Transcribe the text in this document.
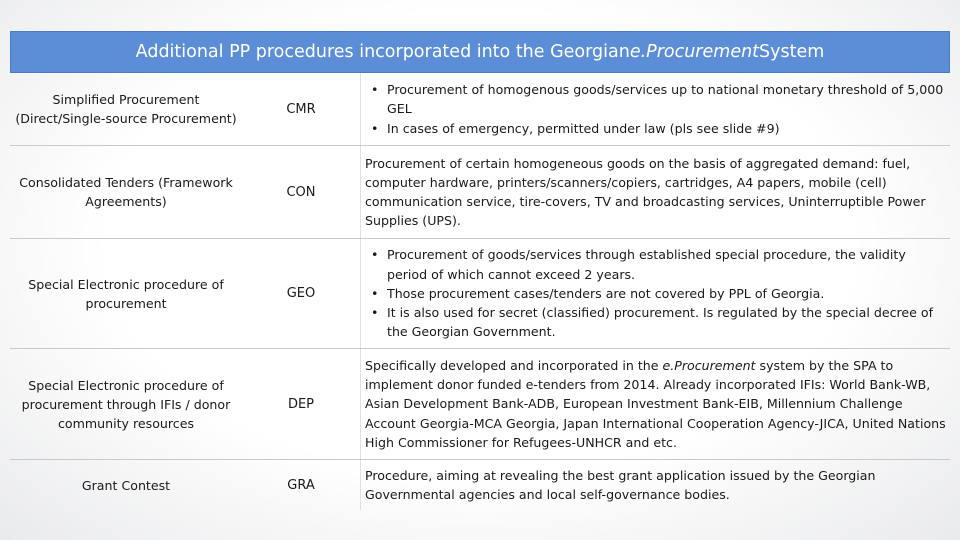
Additional PP procedures incorporated into the Georgian e.Procurement System
Simplified Procurement (Direct/Single-source Procurement)
CMR
• Procurement of homogenous goods/services up to national monetary threshold of 5,000 GEL
• In cases of emergency, permitted under law (pls see slide #9)
Consolidated Tenders (Framework Agreements)
CON
Procurement of certain homogeneous goods on the basis of aggregated demand: fuel, computer hardware, printers/scanners/copiers, cartridges, A4 papers, mobile (cell) communication service, tire-covers, TV and broadcasting services, Uninterruptible Power Supplies (UPS).
Special Electronic procedure of procurement
GEO
• Procurement of goods/services through established special procedure, the validity period of which cannot exceed 2 years.
• Those procurement cases/tenders are not covered by PPL of Georgia.
• It is also used for secret (classified) procurement. Is regulated by the special decree of the Georgian Government.
Special Electronic procedure of procurement through IFIs / donor community resources
DEP
Specifically developed and incorporated in the e.Procurement system by the SPA to implement donor funded e-tenders from 2014. Already incorporated IFIs: World Bank-WB, Asian Development Bank-ADB, European Investment Bank-EIB, Millennium Challenge Account Georgia-MCA Georgia, Japan International Cooperation Agency-JICA, United Nations High Commissioner for Refugees-UNHCR and etc.
Grant Contest	GRA
Procedure, aiming at revealing the best grant application issued by the Georgian Governmental agencies and local self-governance bodies.
